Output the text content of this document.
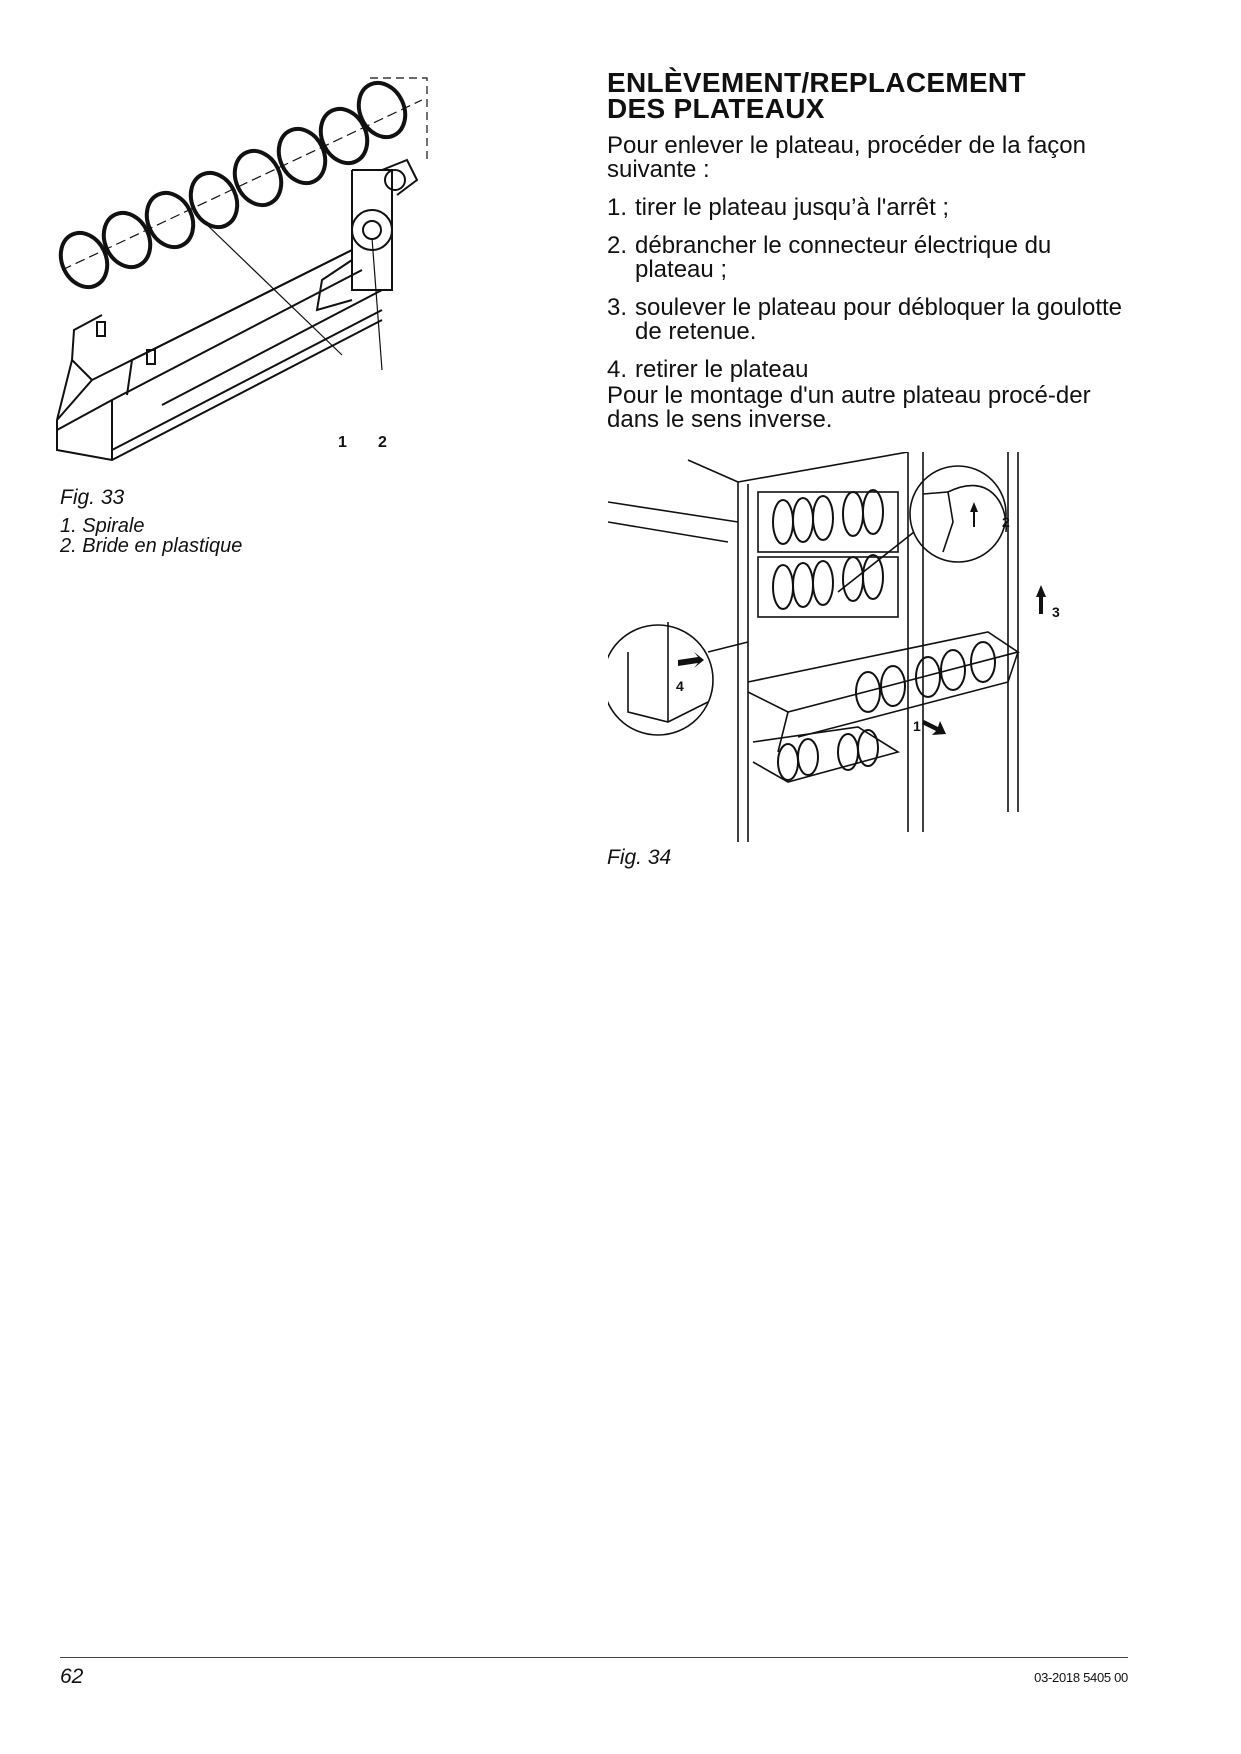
1 2
Fig. 33
1. Spirale
2. Bride en plastique
ENLÈVEMENT/REPLACEMENT
DES PLATEAUX

Pour enlever le plateau, procéder de la façon suivante :

1. tirer le plateau jusqu’à l'arrêt ;
2. débrancher le connecteur électrique du plateau ;
3. soulever le plateau pour débloquer la goulotte de retenue.
4. retirer le plateau

Pour le montage d'un autre plateau procé-der dans le sens inverse.

2
3
4
1
Fig. 34
62	03-2018 5405 00
